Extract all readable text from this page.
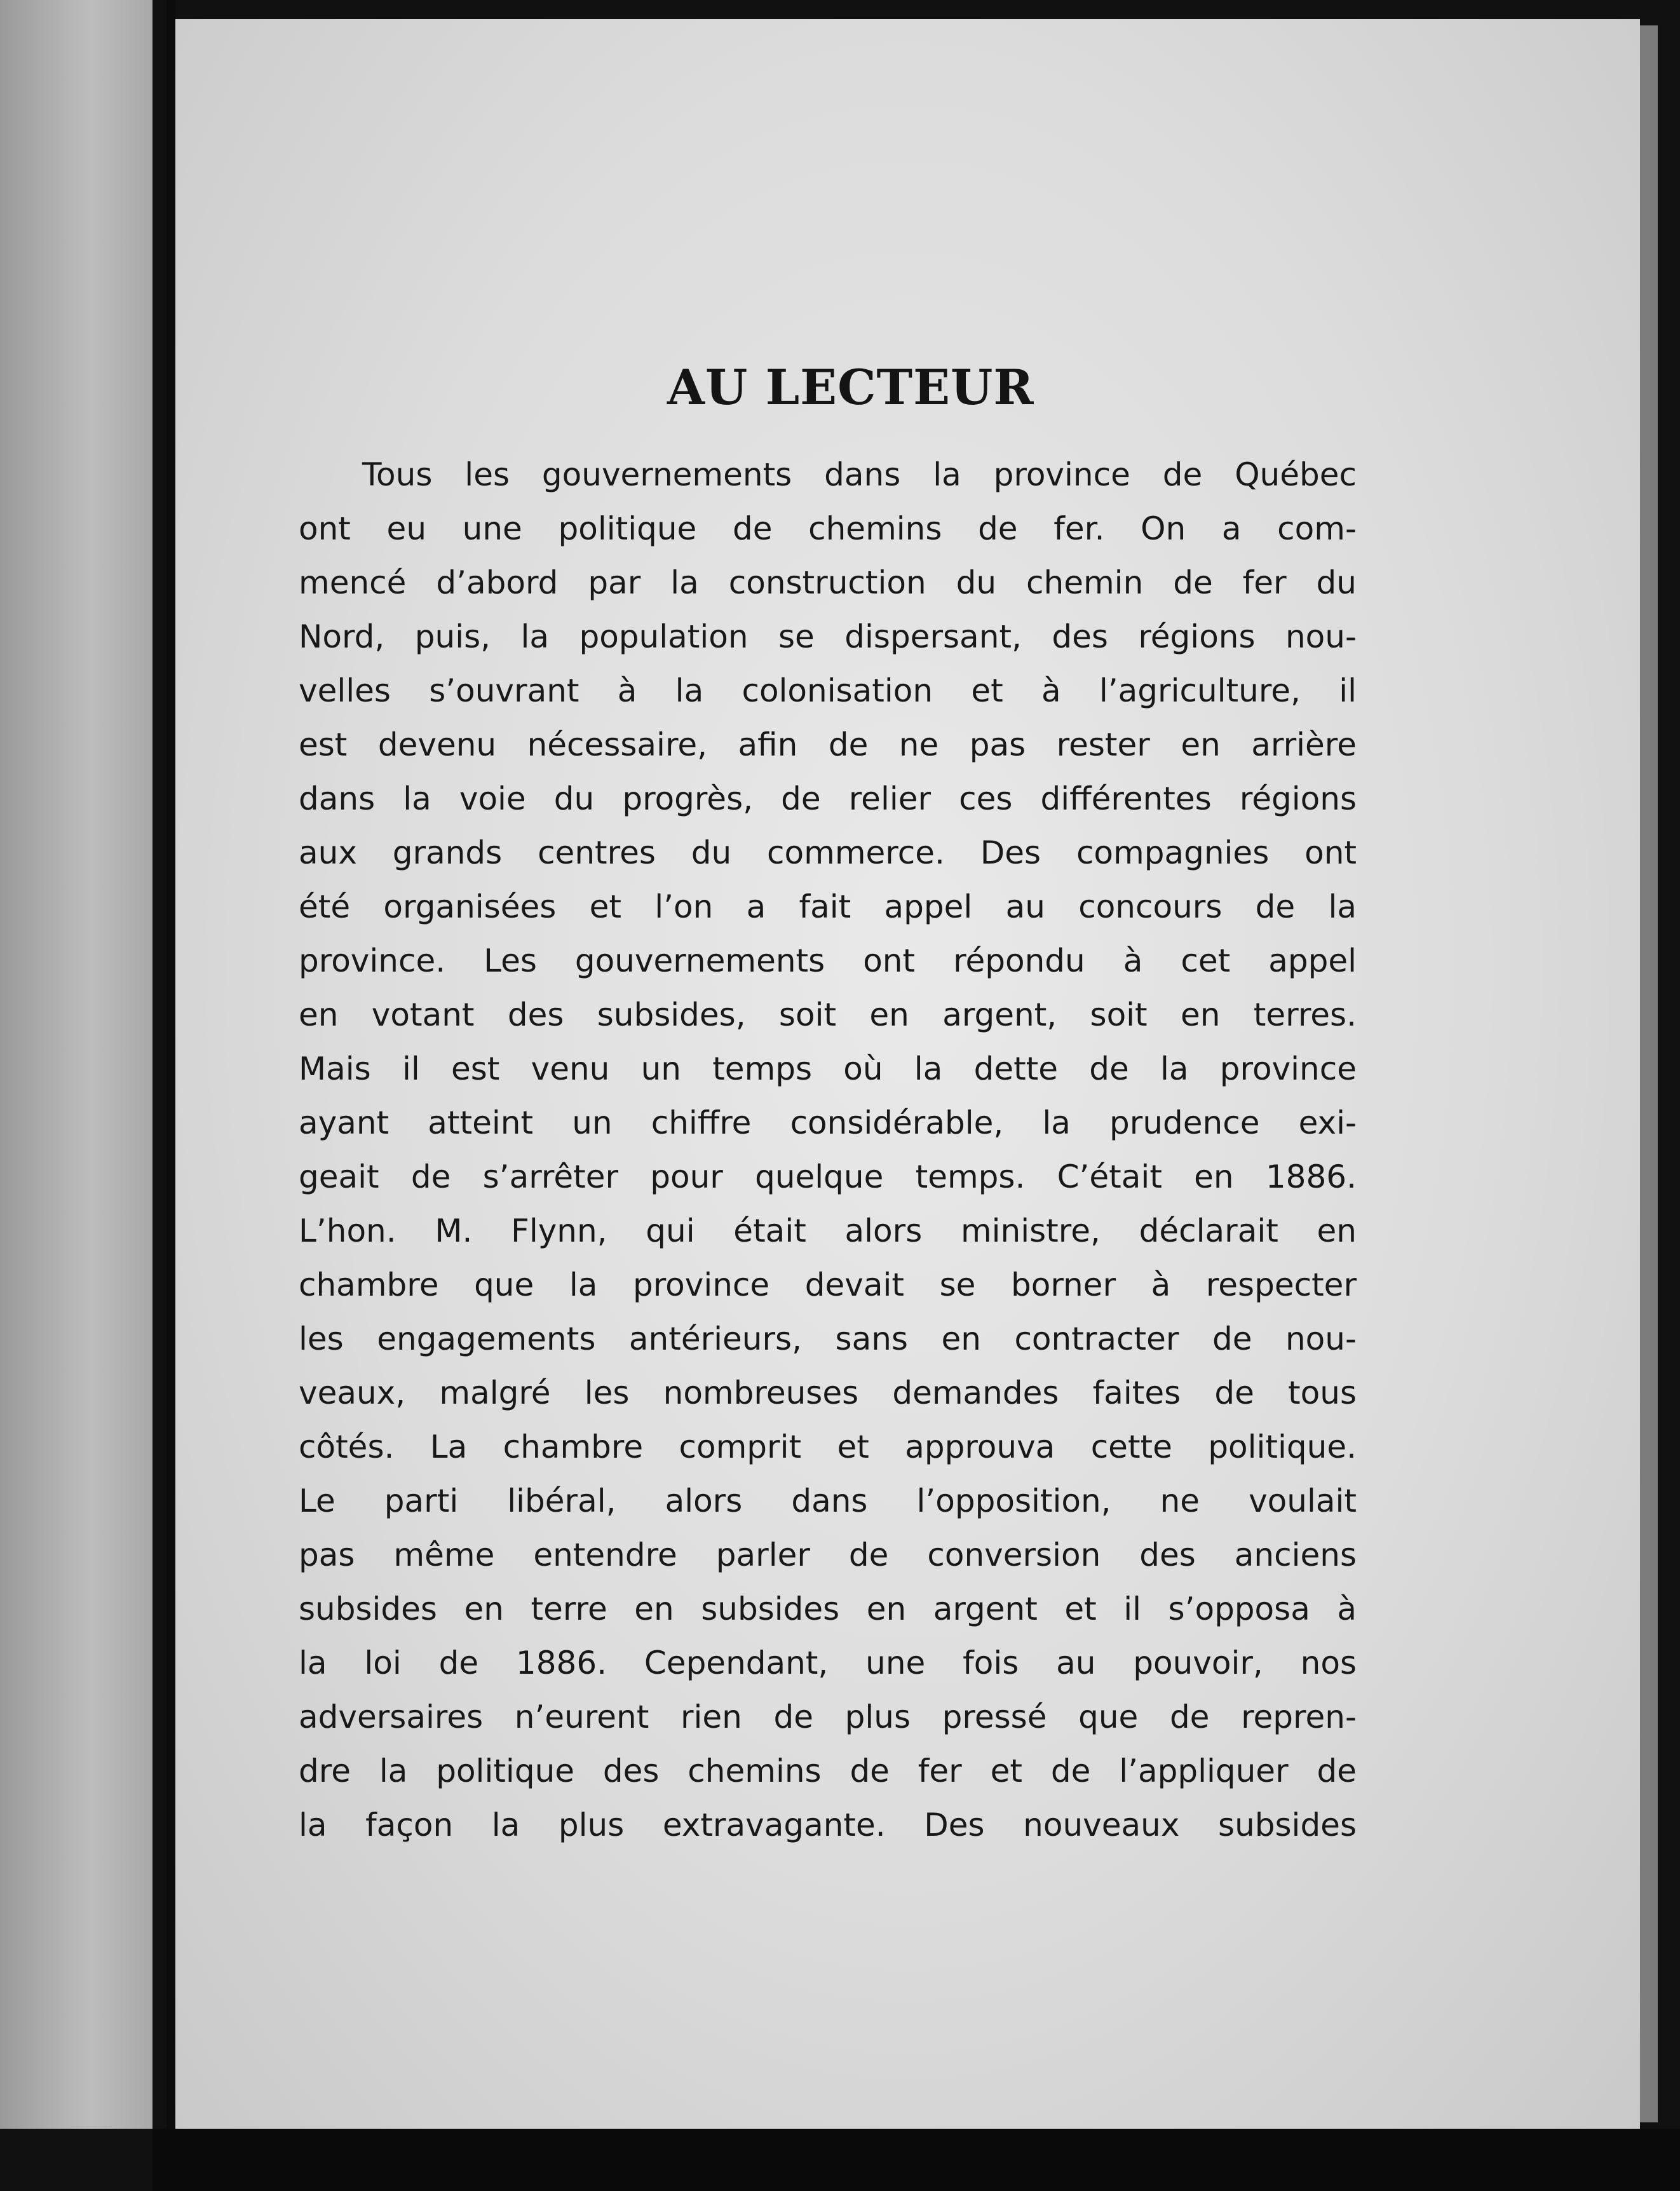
AU LECTEUR
Tous les gouvernements dans la province de Québec
ont eu une politique de chemins de fer. On a com-
mencé d’abord par la construction du chemin de fer du
Nord, puis, la population se dispersant, des régions nou-
velles s’ouvrant à la colonisation et à l’agriculture, il
est devenu nécessaire, afin de ne pas rester en arrière
dans la voie du progrès, de relier ces différentes régions
aux grands centres du commerce. Des compagnies ont
été organisées et l’on a fait appel au concours de la
province. Les gouvernements ont répondu à cet appel
en votant des subsides, soit en argent, soit en terres.
Mais il est venu un temps où la dette de la province
ayant atteint un chiffre considérable, la prudence exi-
geait de s’arrêter pour quelque temps. C’était en 1886.
L’hon. M. Flynn, qui était alors ministre, déclarait en
chambre que la province devait se borner à respecter
les engagements antérieurs, sans en contracter de nou-
veaux, malgré les nombreuses demandes faites de tous
côtés. La chambre comprit et approuva cette politique.
Le parti libéral, alors dans l’opposition, ne voulait
pas même entendre parler de conversion des anciens
subsides en terre en subsides en argent et il s’opposa à
la loi de 1886. Cependant, une fois au pouvoir, nos
adversaires n’eurent rien de plus pressé que de repren-
dre la politique des chemins de fer et de l’appliquer de
la façon la plus extravagante. Des nouveaux subsides
